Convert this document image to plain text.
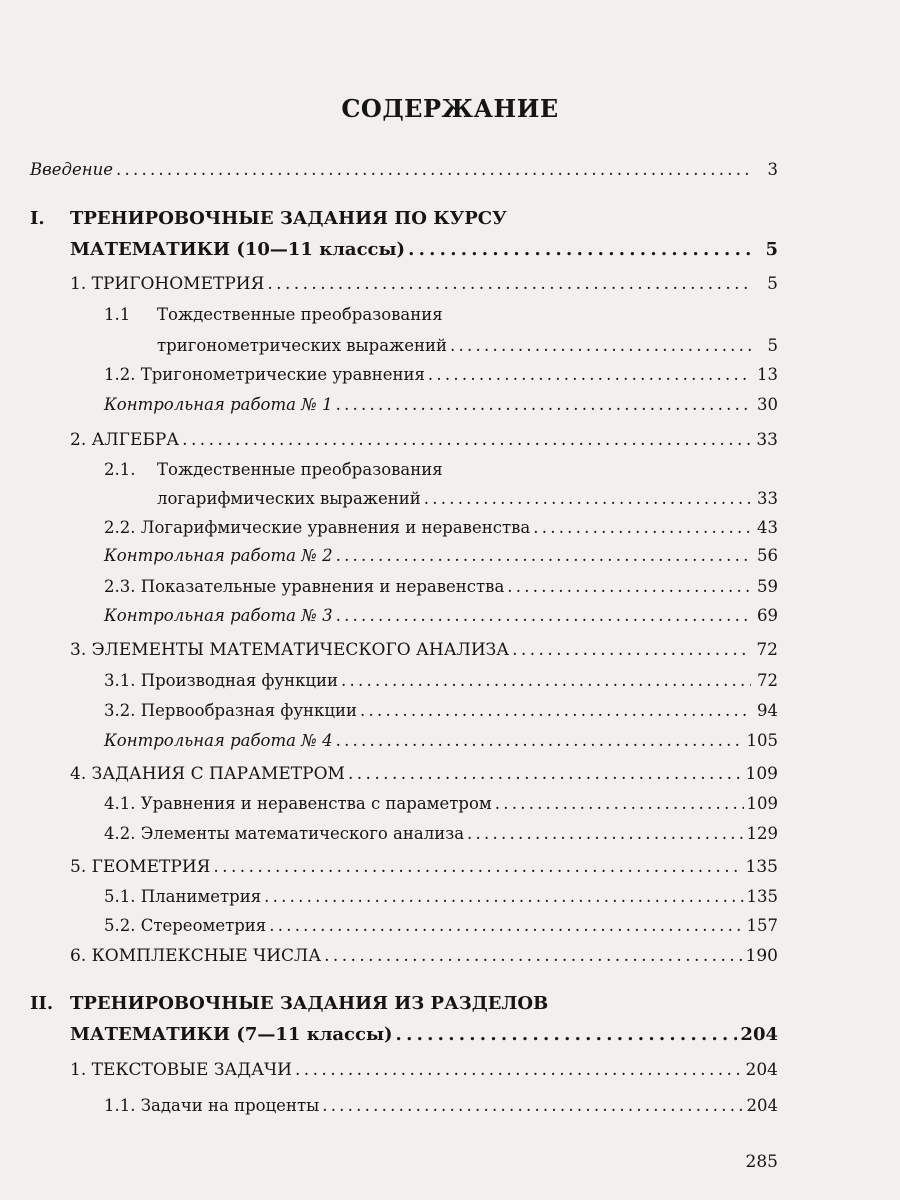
СОДЕРЖАНИЕ
Введение . . .	3
I. ТРЕНИРОВОЧНЫЕ ЗАДАНИЯ ПО КУРСУ
МАТЕМАТИКИ (10—11 классы) . . .	5
1. ТРИГОНОМЕТРИЯ . . .	5
1.1 Тождественные преобразования
тригонометрических выражений . . .	5
1.2. Тригонометрические уравнения . . .	13
Контрольная работа № 1 . . .	30
2. АЛГЕБРА . . .	33
2.1. Тождественные преобразования
логарифмических выражений . . .	33
2.2. Логарифмические уравнения и неравенства . . .	43
Контрольная работа № 2 . . .	56
2.3. Показательные уравнения и неравенства . . .	59
Контрольная работа № 3 . . .	69
3. ЭЛЕМЕНТЫ МАТЕМАТИЧЕСКОГО АНАЛИЗА . . .	72
3.1. Производная функции . . .	72
3.2. Первообразная функции . . .	94
Контрольная работа № 4 . . .	105
4. ЗАДАНИЯ С ПАРАМЕТРОМ . . .	109
4.1. Уравнения и неравенства с параметром . . .	109
4.2. Элементы математического анализа . . .	129
5. ГЕОМЕТРИЯ . . .	135
5.1. Планиметрия . . .	135
5.2. Стереометрия . . .	157
6. КОМПЛЕКСНЫЕ ЧИСЛА . . .	190
II. ТРЕНИРОВОЧНЫЕ ЗАДАНИЯ ИЗ РАЗДЕЛОВ
МАТЕМАТИКИ (7—11 классы) . . .	204
1. ТЕКСТОВЫЕ ЗАДАЧИ . . .	204
1.1. Задачи на проценты . . .	204
285
